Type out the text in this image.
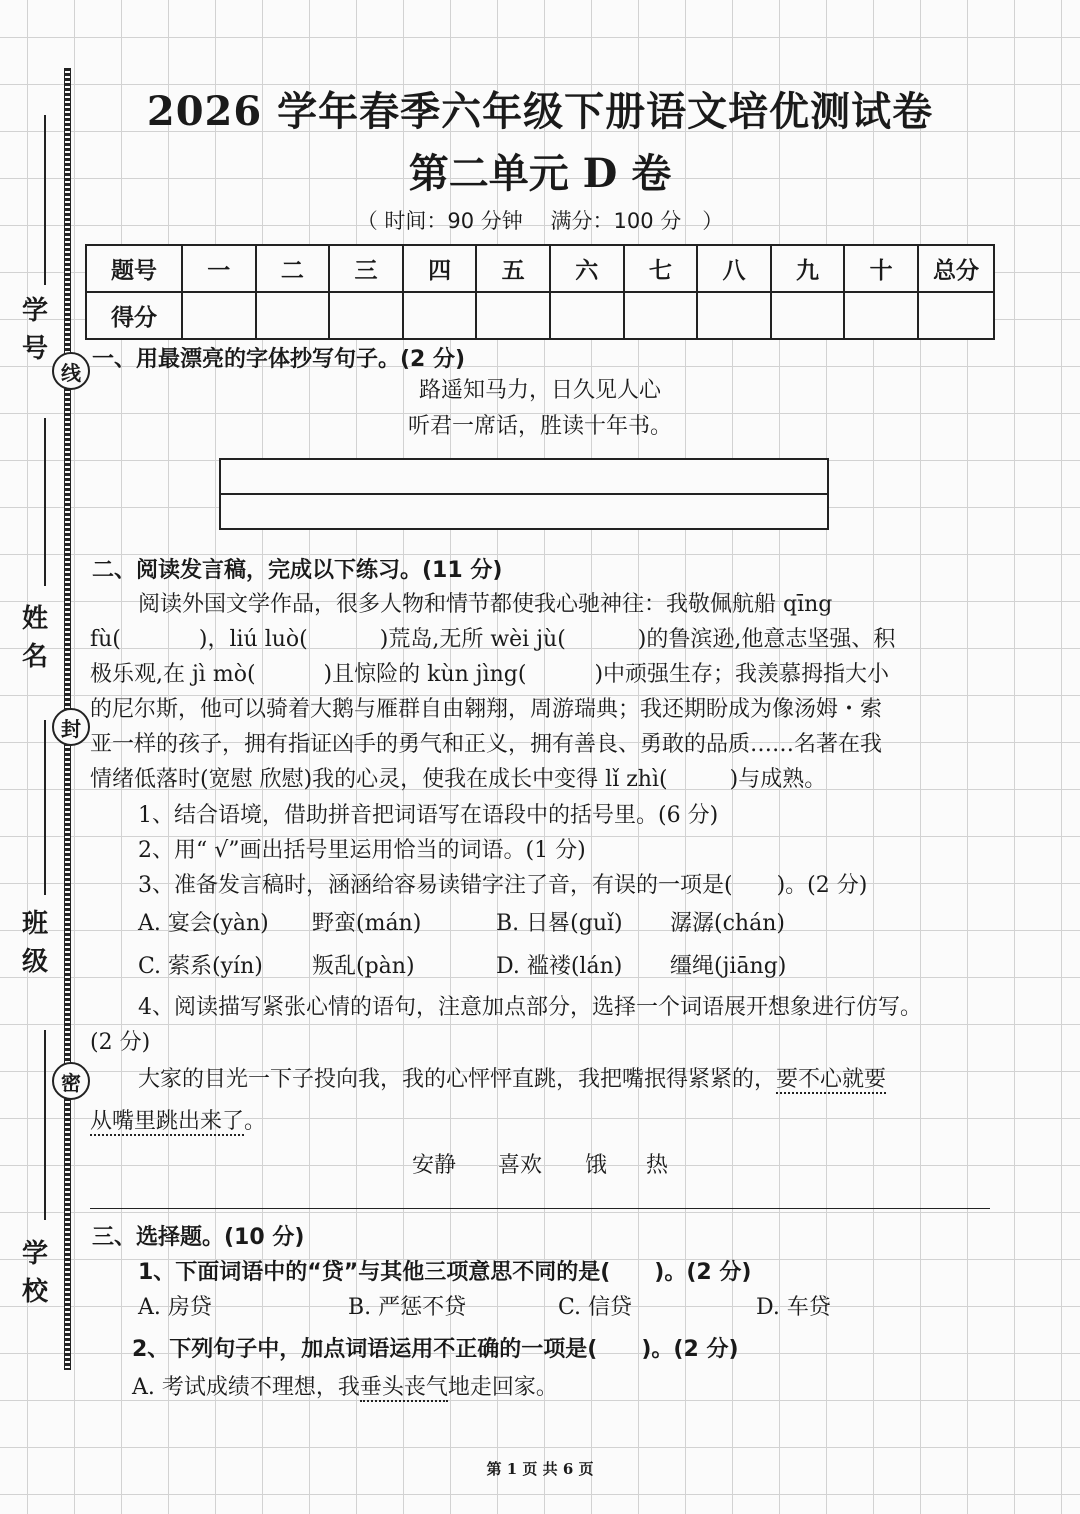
学号
姓名
班级
学校
线
封
密
2026 学年春季六年级下册语文培优测试卷
第二单元 D 卷
（ 时间：90 分钟　 满分：100 分　）
题号	一	二	三	四	五	六	七	八	九	十	总分
得分											
一、用最漂亮的字体抄写句子。(2 分)
路遥知马力，日久见人心
听君一席话，胜读十年书。
二、阅读发言稿，完成以下练习。(11 分)
阅读外国文学作品，很多人物和情节都使我心驰神往：我敬佩航船 qīng
fù(	)，liú luò(	)荒岛,无所 wèi jù(	)的鲁滨逊,他意志坚强、积
极乐观,在 jì mò(	)且惊险的 kùn jìng(	)中顽强生存；我羡慕拇指大小
的尼尔斯，他可以骑着大鹅与雁群自由翱翔，周游瑞典；我还期盼成为像汤姆・索
亚一样的孩子，拥有指证凶手的勇气和正义，拥有善良、勇敢的品质……名著在我
情绪低落时(宽慰 欣慰)我的心灵，使我在成长中变得 lǐ zhì(	)与成熟。
1、结合语境，借助拼音把词语写在语段中的括号里。(6 分)
2、用“ √”画出括号里运用恰当的词语。(1 分)
3、准备发言稿时，涵涵给容易读错字注了音，有误的一项是(　　)。(2 分)
A. 宴会(yàn) 野蛮(mán)	B. 日晷(guǐ) 潺潺(chán)
C. 萦系(yín) 叛乱(pàn)	D. 褴褛(lán) 缰绳(jiāng)
4、阅读描写紧张心情的语句，注意加点部分，选择一个词语展开想象进行仿写。
(2 分)
大家的目光一下子投向我，我的心怦怦直跳，我把嘴抿得紧紧的，要不心就要
从嘴里跳出来了。
安静 喜欢 饿 热
三、选择题。(10 分)
1、下面词语中的“贷”与其他三项意思不同的是(　　)。(2 分)
A. 房贷	B. 严惩不贷	C. 信贷	D. 车贷
2、下列句子中，加点词语运用不正确的一项是(　　)。(2 分)
A. 考试成绩不理想，我垂头丧气地走回家。
第 1 页 共 6 页
